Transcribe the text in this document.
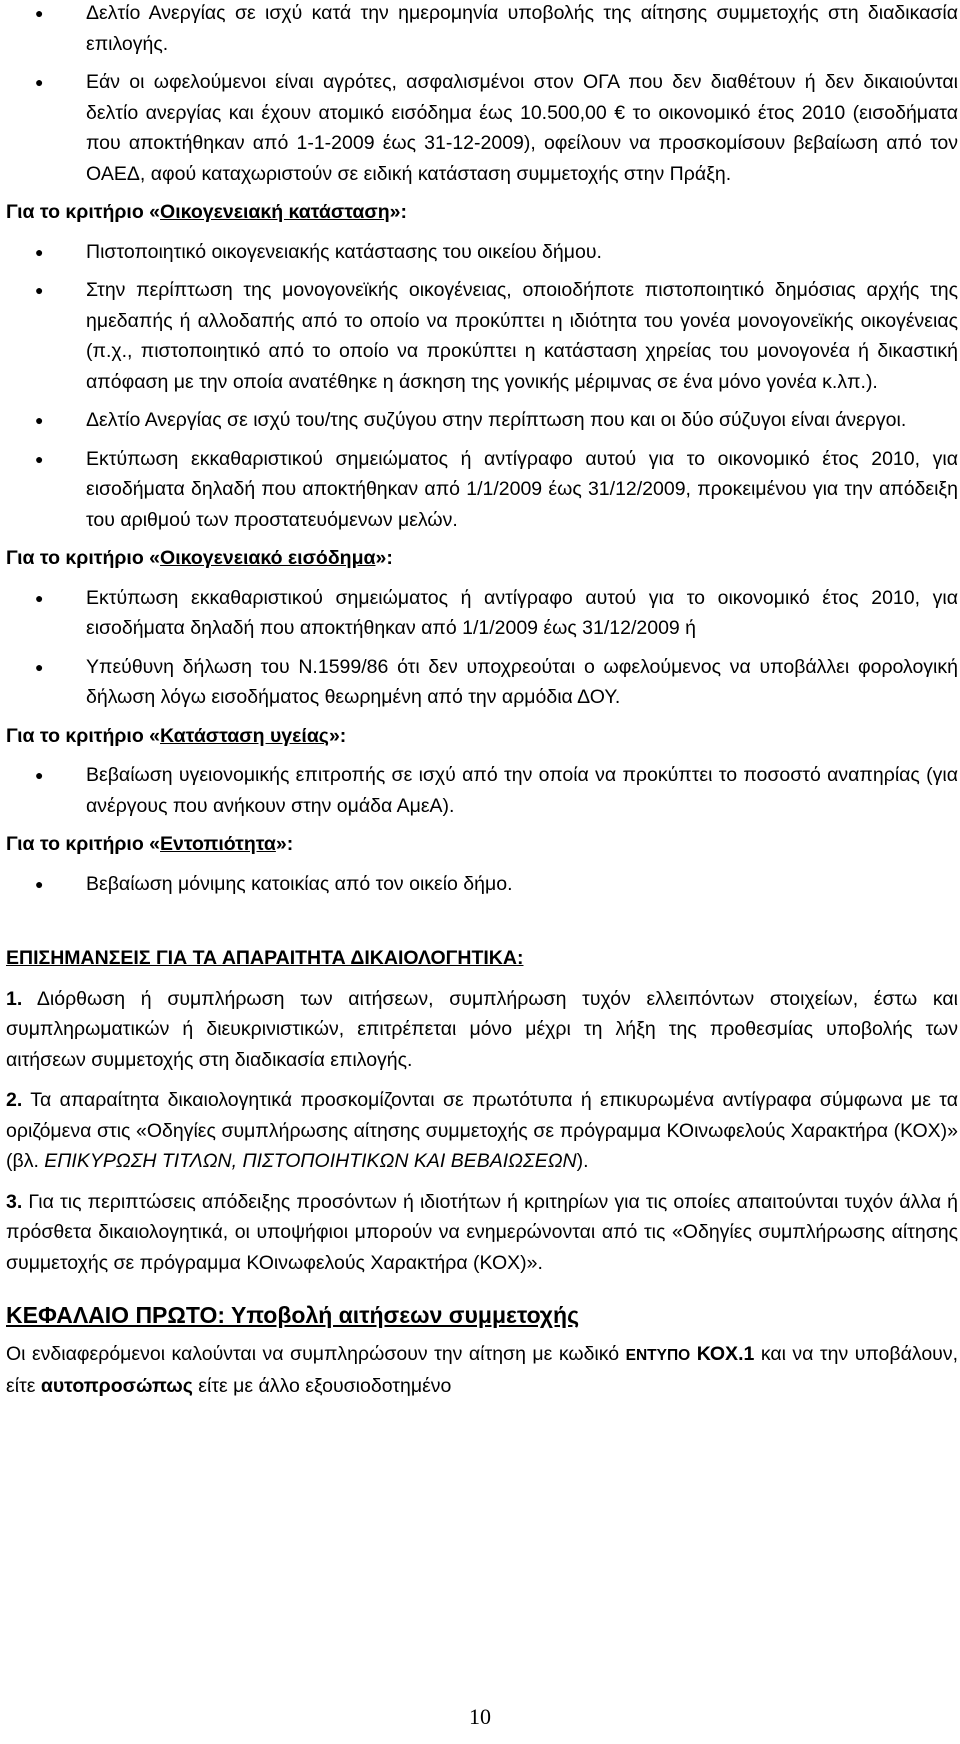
● Δελτίο Ανεργίας σε ισχύ κατά την ημερομηνία υποβολής της αίτησης συμμετοχής στη διαδικασία επιλογής.
● Εάν οι ωφελούμενοι είναι αγρότες, ασφαλισμένοι στον ΟΓΑ που δεν διαθέτουν ή δεν δικαιούνται δελτίο ανεργίας και έχουν ατομικό εισόδημα έως 10.500,00 € το οικονομικό έτος 2010 (εισοδήματα που αποκτήθηκαν από 1-1-2009 έως 31-12-2009), οφείλουν να προσκομίσουν βεβαίωση από τον ΟΑΕΔ, αφού καταχωριστούν σε ειδική κατάσταση συμμετοχής στην Πράξη.
Για το κριτήριο «Οικογενειακή κατάσταση»:
● Πιστοποιητικό οικογενειακής κατάστασης του οικείου δήμου.
● Στην περίπτωση της μονογονεϊκής οικογένειας, οποιοδήποτε πιστοποιητικό δημόσιας αρχής της ημεδαπής ή αλλοδαπής από το οποίο να προκύπτει η ιδιότητα του γονέα μονογονεϊκής οικογένειας (π.χ., πιστοποιητικό από το οποίο να προκύπτει η κατάσταση χηρείας του μονογονέα ή δικαστική απόφαση με την οποία ανατέθηκε η άσκηση της γονικής μέριμνας σε ένα μόνο γονέα κ.λπ.).
● Δελτίο Ανεργίας σε ισχύ του/της συζύγου στην περίπτωση που και οι δύο σύζυγοι είναι άνεργοι.
● Εκτύπωση εκκαθαριστικού σημειώματος ή αντίγραφο αυτού για το οικονομικό έτος 2010, για εισοδήματα δηλαδή που αποκτήθηκαν από 1/1/2009 έως 31/12/2009, προκειμένου για την απόδειξη του αριθμού των προστατευόμενων μελών.
Για το κριτήριο «Οικογενειακό εισόδημα»:
● Εκτύπωση εκκαθαριστικού σημειώματος ή αντίγραφο αυτού για το οικονομικό έτος 2010, για εισοδήματα δηλαδή που αποκτήθηκαν από 1/1/2009 έως 31/12/2009 ή
● Υπεύθυνη δήλωση του Ν.1599/86 ότι δεν υποχρεούται ο ωφελούμενος να υποβάλλει φορολογική δήλωση λόγω εισοδήματος θεωρημένη από την αρμόδια ΔΟΥ.
Για το κριτήριο «Κατάσταση υγείας»:
● Βεβαίωση υγειονομικής επιτροπής σε ισχύ από την οποία να προκύπτει το ποσοστό αναπηρίας (για ανέργους που ανήκουν στην ομάδα ΑμεΑ).
Για το κριτήριο «Εντοπιότητα»:
● Βεβαίωση μόνιμης κατοικίας από τον οικείο δήμο.
ΕΠΙΣΗΜΑΝΣΕΙΣ ΓΙΑ ΤΑ ΑΠΑΡΑΙΤΗΤΑ ΔΙΚΑΙΟΛΟΓΗΤΙΚΑ:

1. Διόρθωση ή συμπλήρωση των αιτήσεων, συμπλήρωση τυχόν ελλειπόντων στοιχείων, έστω και συμπληρωματικών ή διευκρινιστικών, επιτρέπεται μόνο μέχρι τη λήξη της προθεσμίας υποβολής των αιτήσεων συμμετοχής στη διαδικασία επιλογής.

2. Τα απαραίτητα δικαιολογητικά προσκομίζονται σε πρωτότυπα ή επικυρωμένα αντίγραφα σύμφωνα με τα οριζόμενα στις «Οδηγίες συμπλήρωσης αίτησης συμμετοχής σε πρόγραμμα ΚΟινωφελούς Χαρακτήρα (ΚΟΧ)» (βλ. ΕΠΙΚΥΡΩΣΗ ΤΙΤΛΩΝ, ΠΙΣΤΟΠΟΙΗΤΙΚΩΝ ΚΑΙ ΒΕΒΑΙΩΣΕΩΝ).

3. Για τις περιπτώσεις απόδειξης προσόντων ή ιδιοτήτων ή κριτηρίων για τις οποίες απαιτούνται τυχόν άλλα ή πρόσθετα δικαιολογητικά, οι υποψήφιοι μπορούν να ενημερώνονται από τις «Οδηγίες συμπλήρωσης αίτησης συμμετοχής σε πρόγραμμα ΚΟινωφελούς Χαρακτήρα (ΚΟΧ)».

ΚΕΦΑΛΑΙΟ ΠΡΩΤΟ: Υποβολή αιτήσεων συμμετοχής

Οι ενδιαφερόμενοι καλούνται να συμπληρώσουν την αίτηση με κωδικό ΕΝΤΥΠΟ ΚΟΧ.1 και να την υποβάλουν, είτε αυτοπροσώπως είτε με άλλο εξουσιοδοτημένο

10
